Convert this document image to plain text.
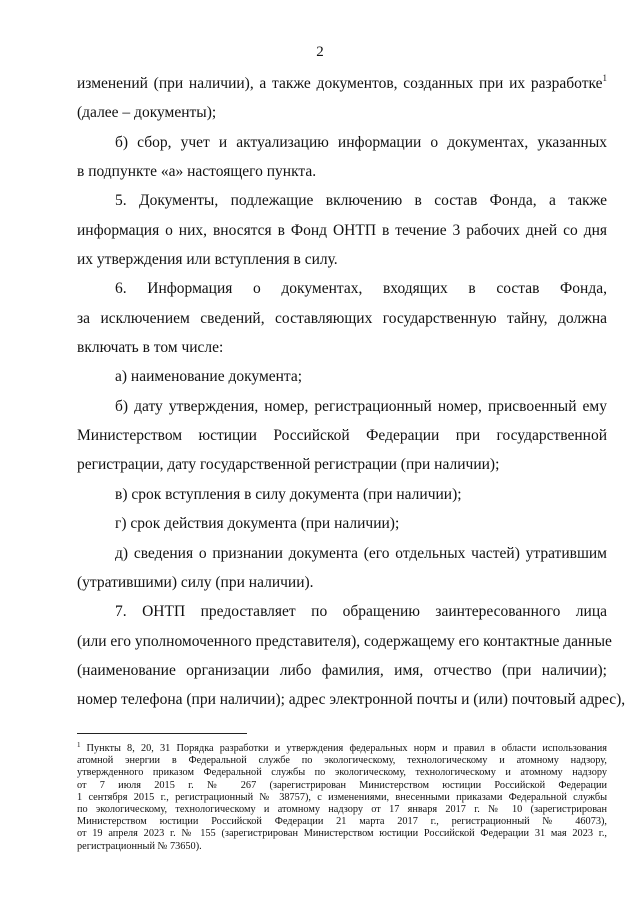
2
изменений (при наличии), а также документов, созданных при их разработке$^1$
(далее – документы);
б) сбор, учет и актуализацию информации о документах, указанных
в подпункте «а» настоящего пункта.
5. Документы, подлежащие включению в состав Фонда, а также
информация о них, вносятся в Фонд ОНТП в течение 3 рабочих дней со дня
их утверждения или вступления в силу.
6. Информация о документах, входящих в состав Фонда,
за исключением сведений, составляющих государственную тайну, должна
включать в том числе:
а) наименование документа;
б) дату утверждения, номер, регистрационный номер, присвоенный ему
Министерством юстиции Российской Федерации при государственной
регистрации, дату государственной регистрации (при наличии);
в) срок вступления в силу документа (при наличии);
г) срок действия документа (при наличии);
д) сведения о признании документа (его отдельных частей) утратившим
(утратившими) силу (при наличии).
7. ОНТП предоставляет по обращению заинтересованного лица
(или его уполномоченного представителя), содержащему его контактные данные
(наименование организации либо фамилия, имя, отчество (при наличии);
номер телефона (при наличии); адрес электронной почты и (или) почтовый адрес),
$^1$ Пункты 8, 20, 31 Порядка разработки и утверждения федеральных норм и правил в области использования
атомной энергии в Федеральной службе по экологическому, технологическому и атомному надзору,
утвержденного приказом Федеральной службы по экологическому, технологическому и атомному надзору
от 7 июля 2015 г. № 267 (зарегистрирован Министерством юстиции Российской Федерации
1 сентября 2015 г., регистрационный № 38757), с изменениями, внесенными приказами Федеральной службы
по экологическому, технологическому и атомному надзору от 17 января 2017 г. № 10 (зарегистрирован
Министерством юстиции Российской Федерации 21 марта 2017 г., регистрационный № 46073),
от 19 апреля 2023 г. № 155 (зарегистрирован Министерством юстиции Российской Федерации 31 мая 2023 г.,
регистрационный № 73650).
